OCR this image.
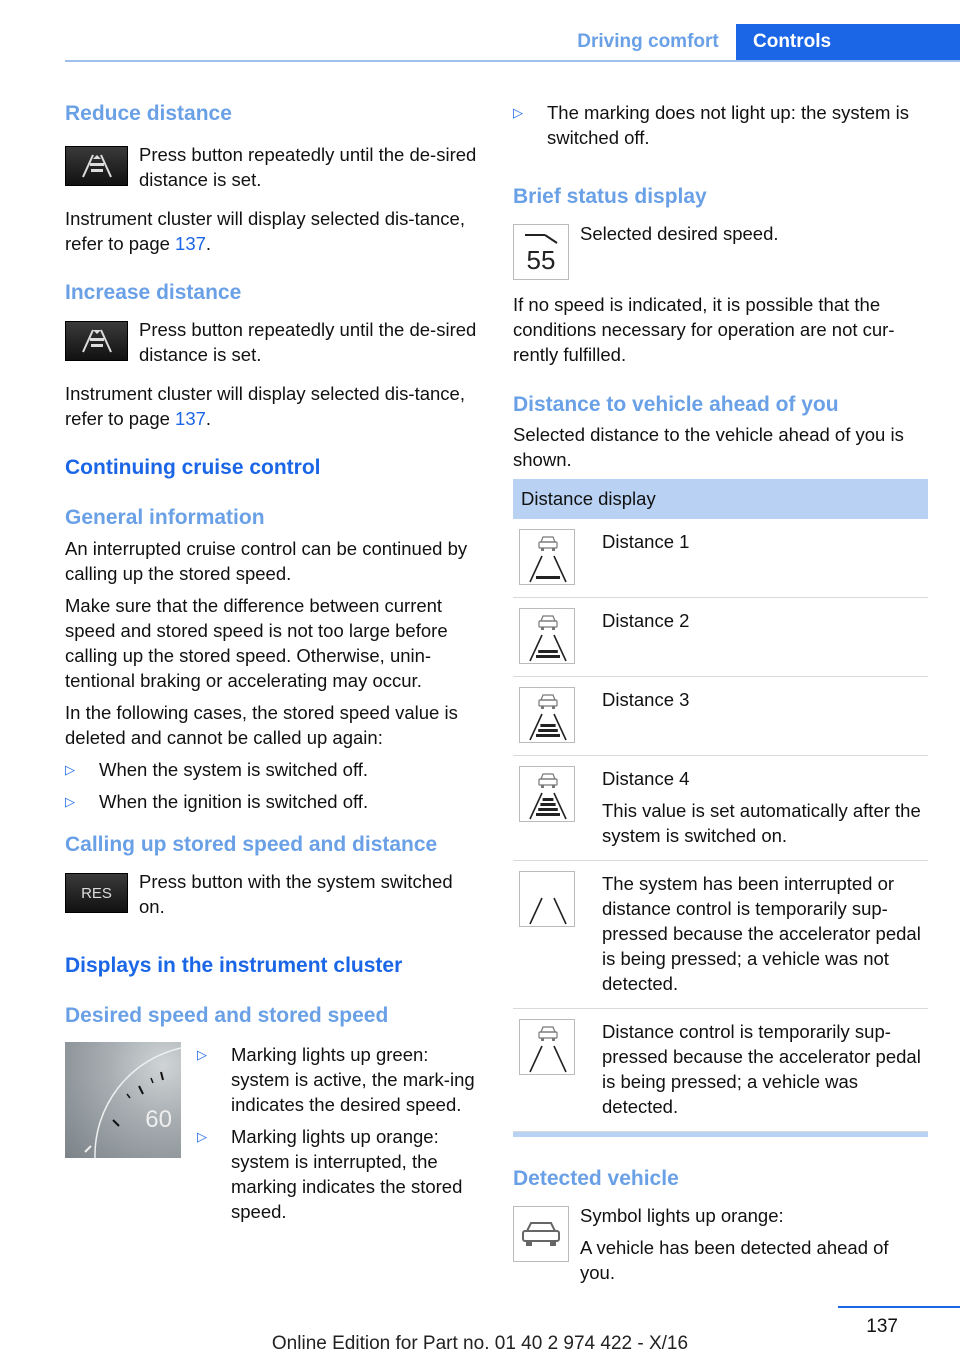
Driving comfort	Controls
Reduce distance
Press button repeatedly until the de‐sired distance is set.

Instrument cluster will display selected dis‐tance, refer to page 137.

Increase distance
Press button repeatedly until the de‐sired distance is set.

Instrument cluster will display selected dis‐tance, refer to page 137.

Continuing cruise control
General information

An interrupted cruise control can be continued by calling up the stored speed.

Make sure that the difference between current speed and stored speed is not too large before calling up the stored speed. Otherwise, unin‐tentional braking or accelerating may occur.

In the following cases, the stored speed value is deleted and cannot be called up again:

▷ When the system is switched off.
▷ When the ignition is switched off.
Calling up stored speed and distance
RES
Press button with the system switched on.
Displays in the instrument cluster
Desired speed and stored speed
60
▷ Marking lights up green: system is active, the mark‐ing indicates the desired speed.
▷ Marking lights up orange: system is interrupted, the marking indicates the stored speed.
▷ The marking does not light up: the system is switched off.
Brief status display
55
Selected desired speed.

If no speed is indicated, it is possible that the conditions necessary for operation are not cur‐rently fulfilled.

Distance to vehicle ahead of you

Selected distance to the vehicle ahead of you is shown.

Distance display	

Distance 1

Distance 2

Distance 3

Distance 4

This value is set automatically after the system is switched on.

The system has been interrupted or distance control is temporarily sup‐pressed because the accelerator pedal is being pressed; a vehicle was not detected.

Distance control is temporarily sup‐pressed because the accelerator pedal is being pressed; a vehicle was detected.

Detected vehicle

Symbol lights up orange:

A vehicle has been detected ahead of you.

137
Online Edition for Part no. 01 40 2 974 422 - X/16
